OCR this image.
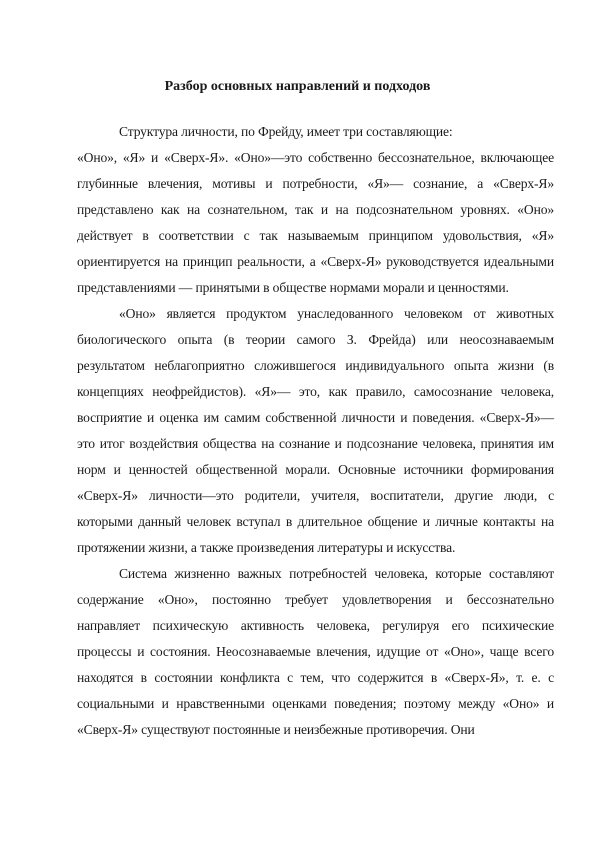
Разбор основных направлений и подходов

Структура личности, по Фрейду, имеет три составляющие:

«Оно», «Я» и «Сверх-Я». «Оно»—это собственно бессознательное, включающее глубинные влечения, мотивы и потребности, «Я»— сознание, а «Сверх-Я» представлено как на сознательном, так и на подсознательном уровнях. «Оно» действует в соответствии с так называемым принципом удовольствия, «Я» ориентируется на принцип реальности, а «Сверх-Я» руководствуется идеальными представлениями — принятыми в обществе нормами морали и ценностями.

«Оно» является продуктом унаследованного человеком от животных биологического опыта (в теории самого З. Фрейда) или неосознаваемым результатом неблагоприятно сложившегося индивидуального опыта жизни (в концепциях неофрейдистов). «Я»— это, как правило, самосознание человека, восприятие и оценка им самим собственной личности и поведения. «Сверх-Я»—это итог воздействия общества на сознание и подсознание человека, принятия им норм и ценностей общественной морали. Основные источники формирования «Сверх-Я» личности—это родители, учителя, воспитатели, другие люди, с которыми данный человек вступал в длительное общение и личные контакты на протяжении жизни, а также произведения литературы и искусства.

Система жизненно важных потребностей человека, которые составляют содержание «Оно», постоянно требует удовлетворения и бессознательно направляет психическую активность человека, регулируя его психические процессы и состояния. Неосознаваемые влечения, идущие от «Оно», чаще всего находятся в состоянии конфликта с тем, что содержится в «Сверх-Я», т. е. с социальными и нравственными оценками поведения; поэтому между «Оно» и «Сверх-Я» существуют постоянные и неизбежные противоречия. Они
